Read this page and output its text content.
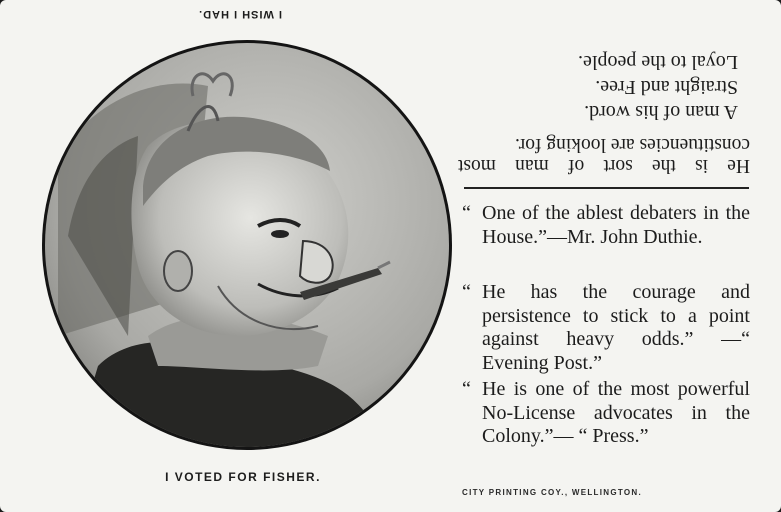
I WISH I HAD.
I VOTED FOR FISHER.

He is the sort of man most constituencies are looking for.

A man of his word.
Straight and Free.
Loyal to the people.
“ One of the ablest debaters in the House.”—Mr. John Duthie.
“ He has the courage and persistence to stick to a point against heavy odds.” —“ Evening Post.”
“ He is one of the most powerful No-License advocates in the Colony.”— “ Press.”
CITY PRINTING COY., WELLINGTON.
